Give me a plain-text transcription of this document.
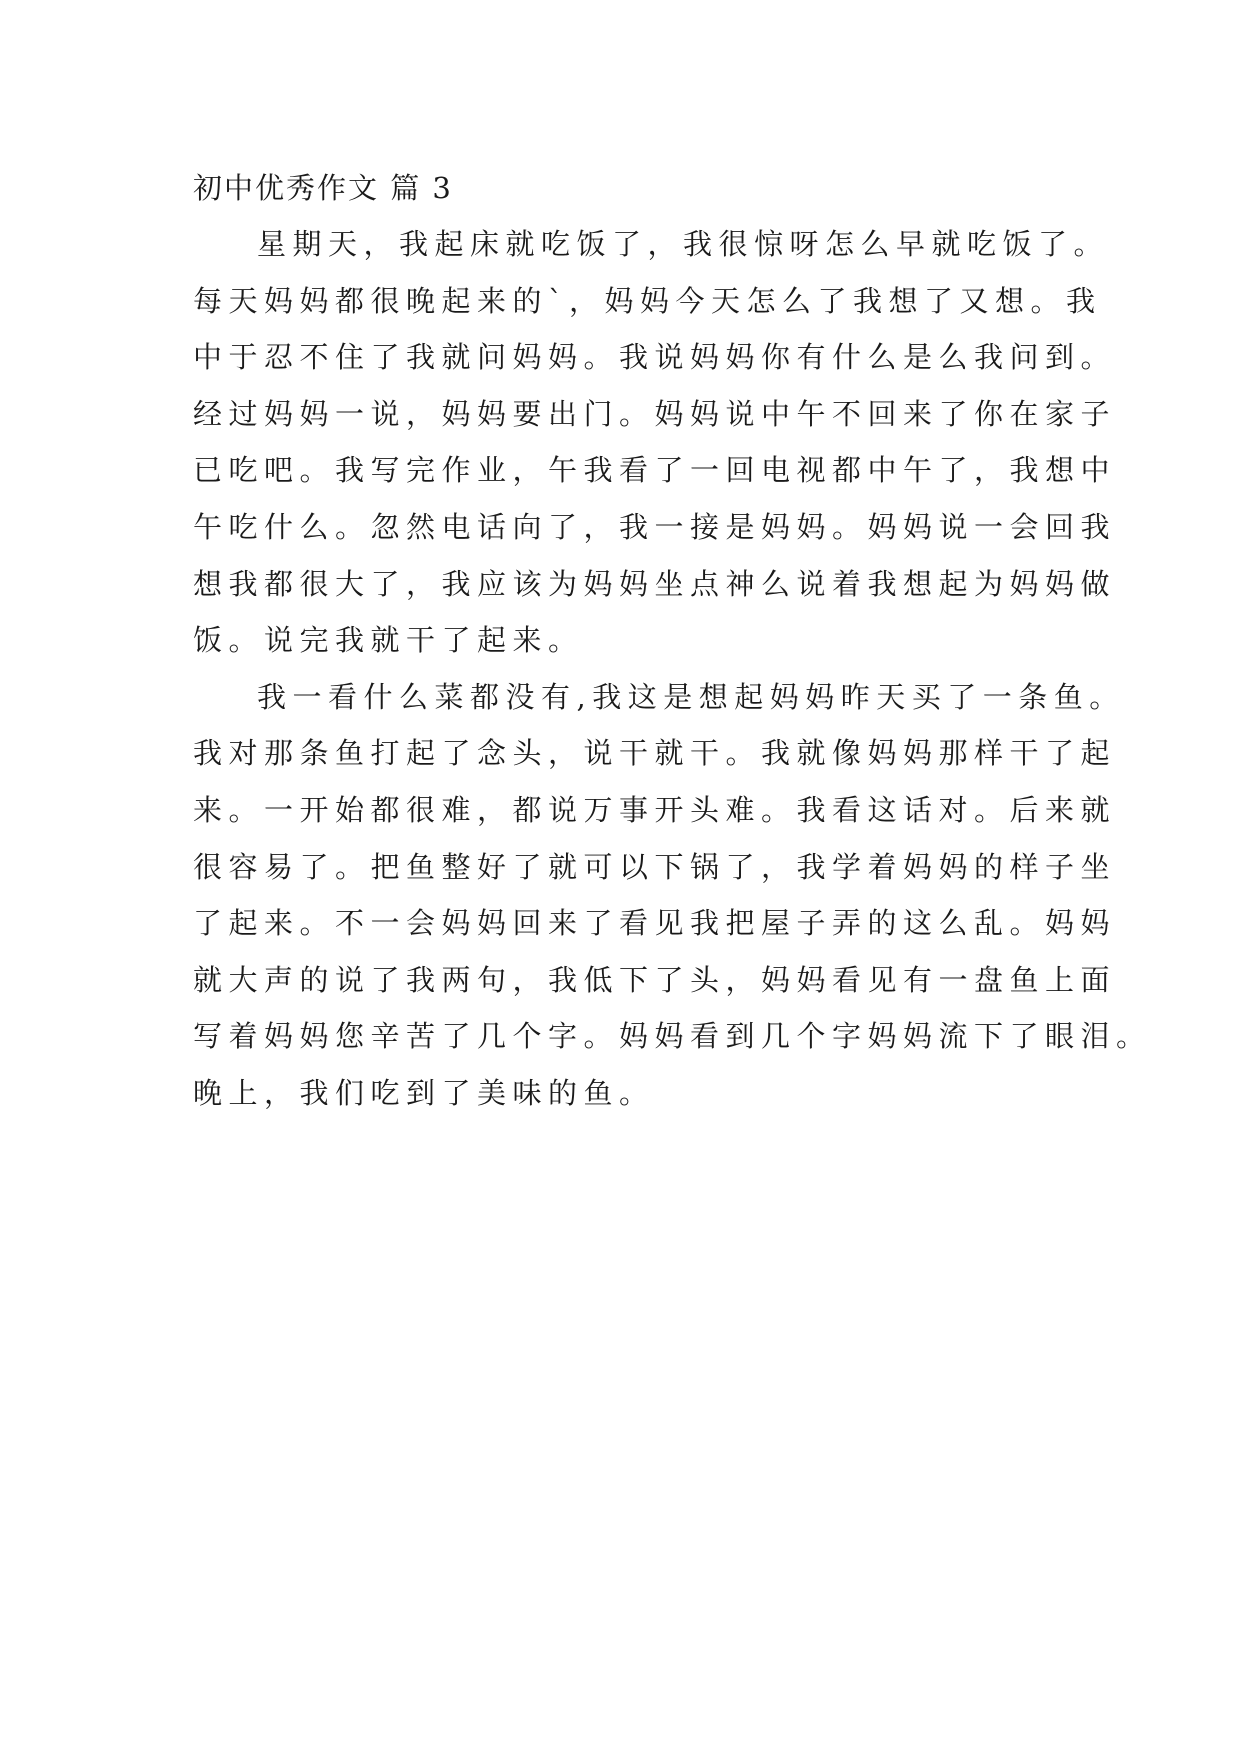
初中优秀作文 篇 3
星期天，我起床就吃饭了，我很惊呀怎么早就吃饭了。
每天妈妈都很晚起来的`，妈妈今天怎么了我想了又想。我
中于忍不住了我就问妈妈。我说妈妈你有什么是么我问到。
经过妈妈一说，妈妈要出门。妈妈说中午不回来了你在家子
已吃吧。我写完作业，午我看了一回电视都中午了，我想中
午吃什么。忽然电话向了，我一接是妈妈。妈妈说一会回我
想我都很大了，我应该为妈妈坐点神么说着我想起为妈妈做
饭。说完我就干了起来。
我一看什么菜都没有,我这是想起妈妈昨天买了一条鱼。
我对那条鱼打起了念头，说干就干。我就像妈妈那样干了起
来。一开始都很难，都说万事开头难。我看这话对。后来就
很容易了。把鱼整好了就可以下锅了，我学着妈妈的样子坐
了起来。不一会妈妈回来了看见我把屋子弄的这么乱。妈妈
就大声的说了我两句，我低下了头，妈妈看见有一盘鱼上面
写着妈妈您辛苦了几个字。妈妈看到几个字妈妈流下了眼泪。
晚上，我们吃到了美味的鱼。
